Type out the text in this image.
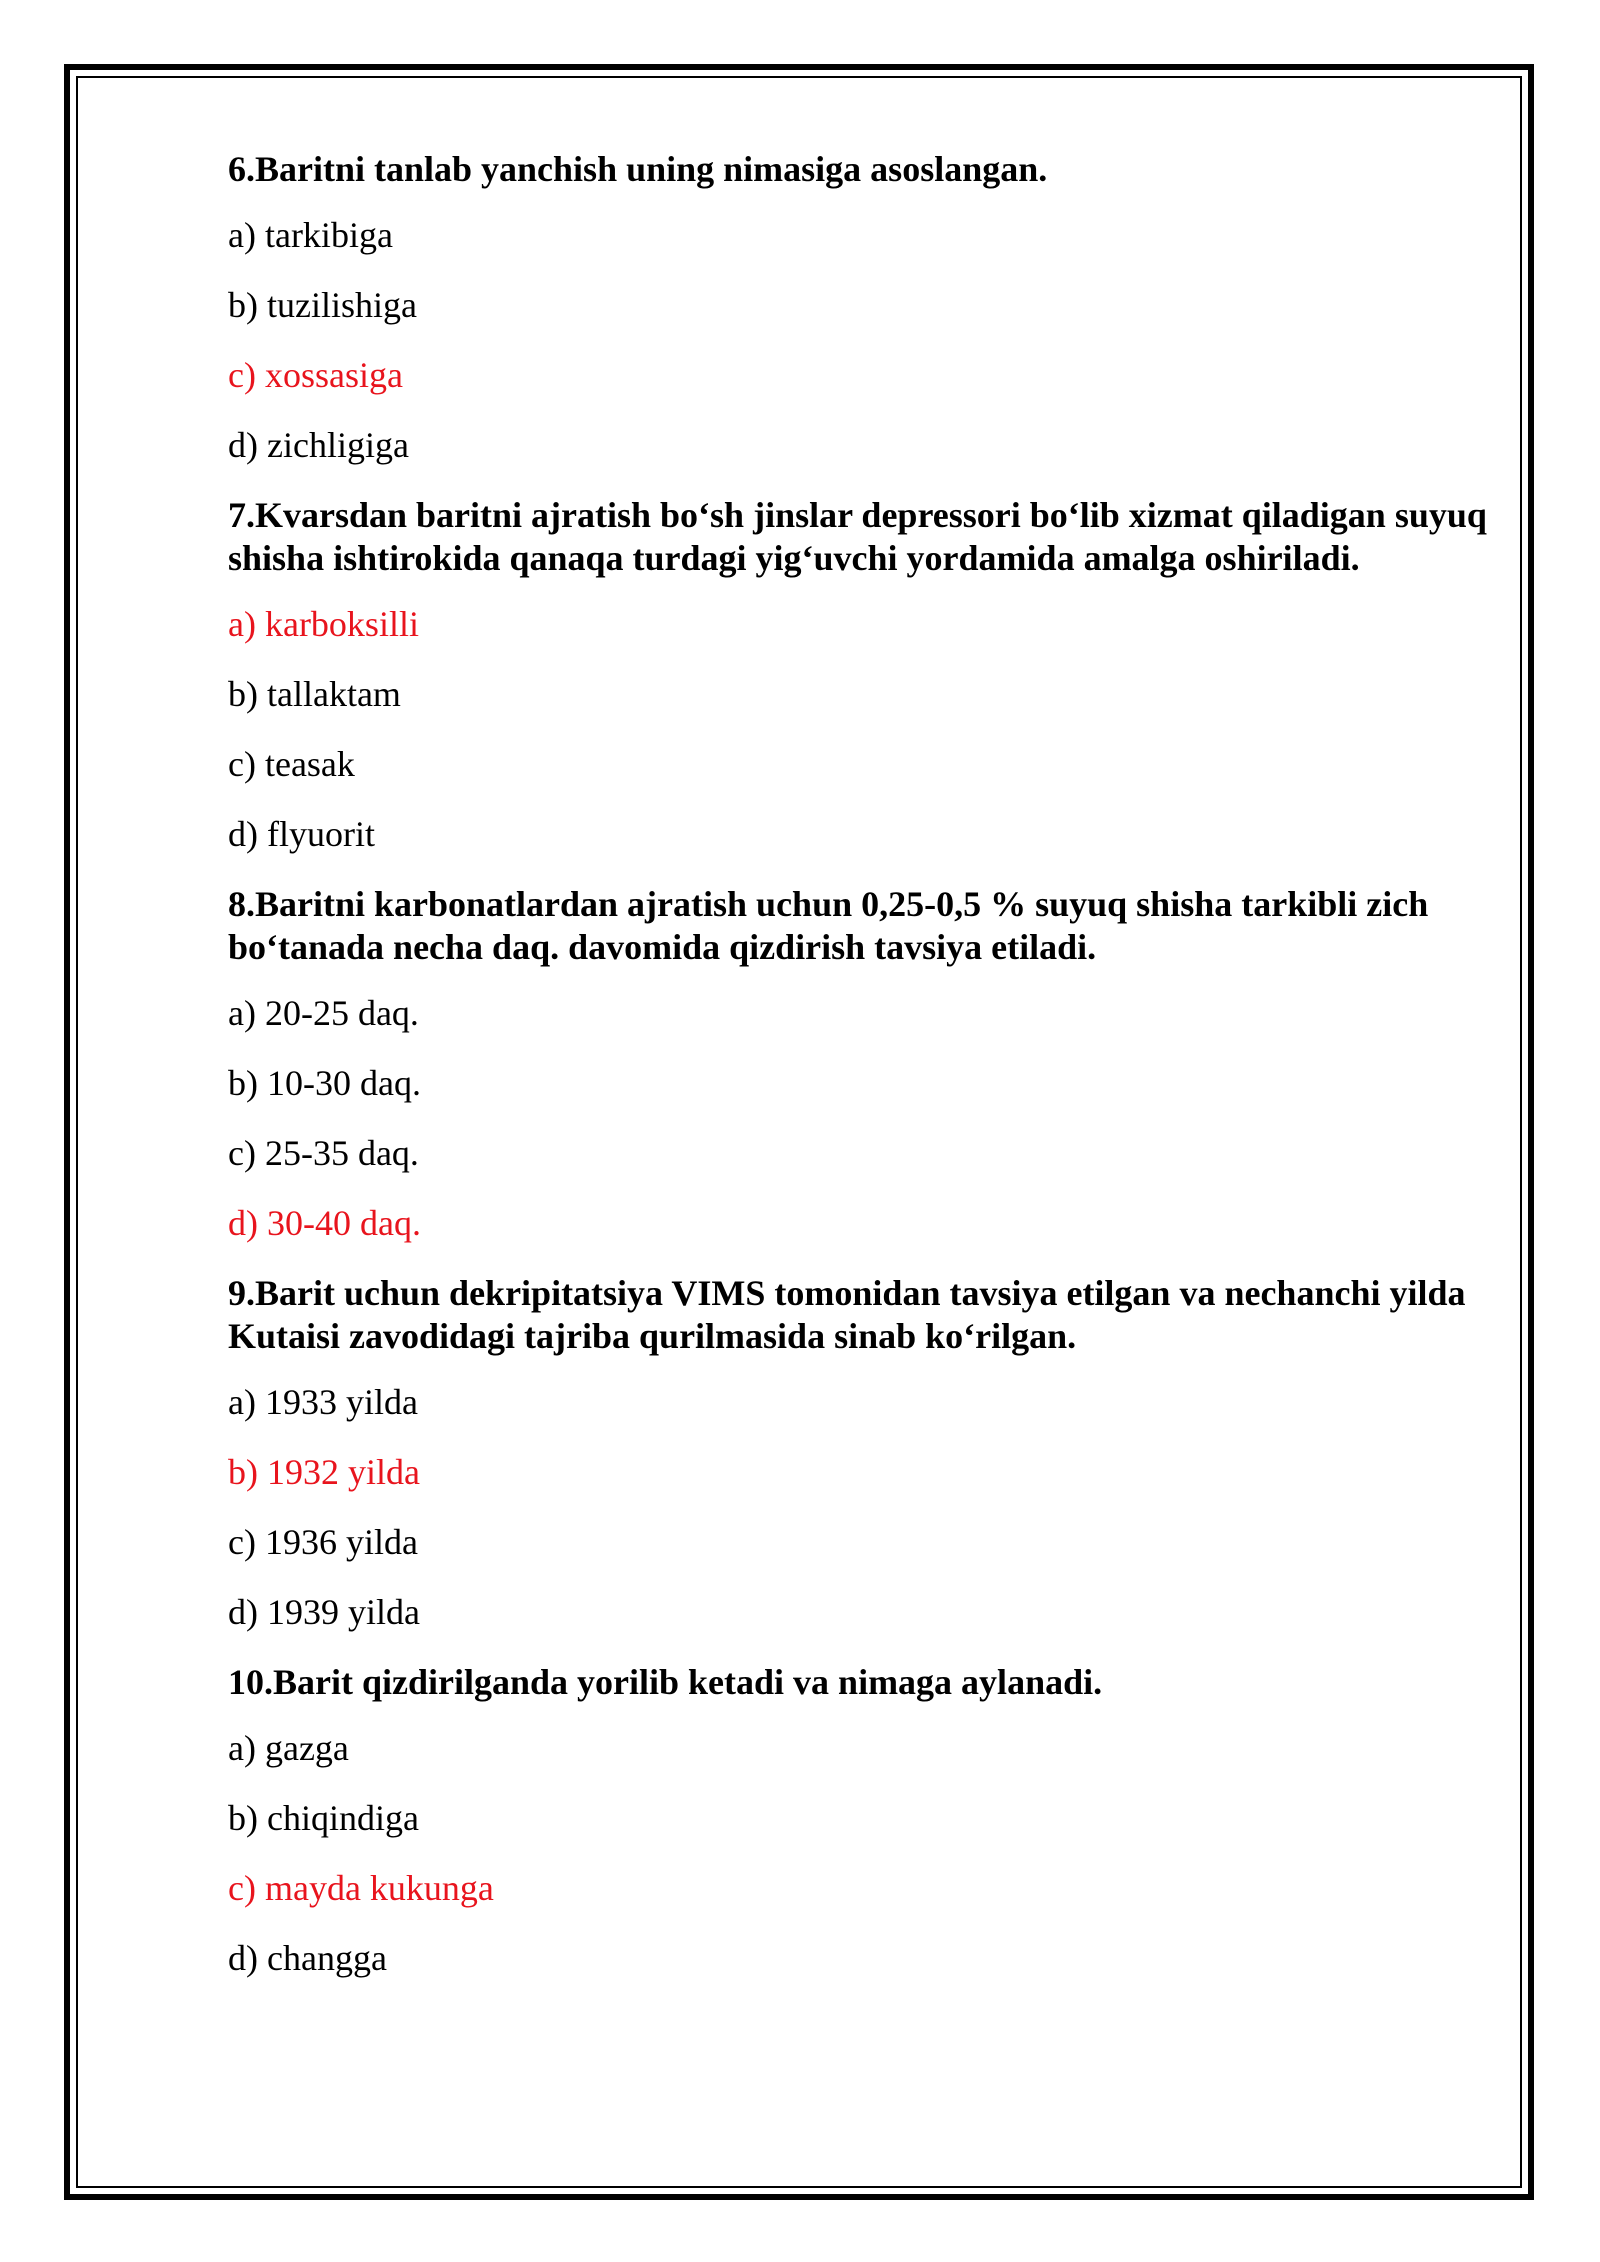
6.Baritni tanlab yanchish uning nimasiga asoslangan.

a) tarkibiga

b) tuzilishiga

c) xossasiga

d) zichligiga

7.Kvarsdan baritni ajratish bo‘sh jinslar depressori bo‘lib xizmat qiladigan suyuq shisha ishtirokida qanaqa turdagi yig‘uvchi yordamida amalga oshiriladi.

a) karboksilli

b) tallaktam

c) teasak

d) flyuorit

8.Baritni karbonatlardan ajratish uchun 0,25-0,5 % suyuq shisha tarkibli zich bo‘tanada necha daq. davomida qizdirish tavsiya etiladi.

a) 20-25 daq.

b) 10-30 daq.

c) 25-35 daq.

d) 30-40 daq.

9.Barit uchun dekripitatsiya VIMS tomonidan tavsiya etilgan va nechanchi yilda Kutaisi zavodidagi tajriba qurilmasida sinab ko‘rilgan.

a) 1933 yilda

b) 1932 yilda

c) 1936 yilda

d) 1939 yilda

10.Barit qizdirilganda yorilib ketadi va nimaga aylanadi.

a) gazga

b) chiqindiga

c) mayda kukunga

d) changga
